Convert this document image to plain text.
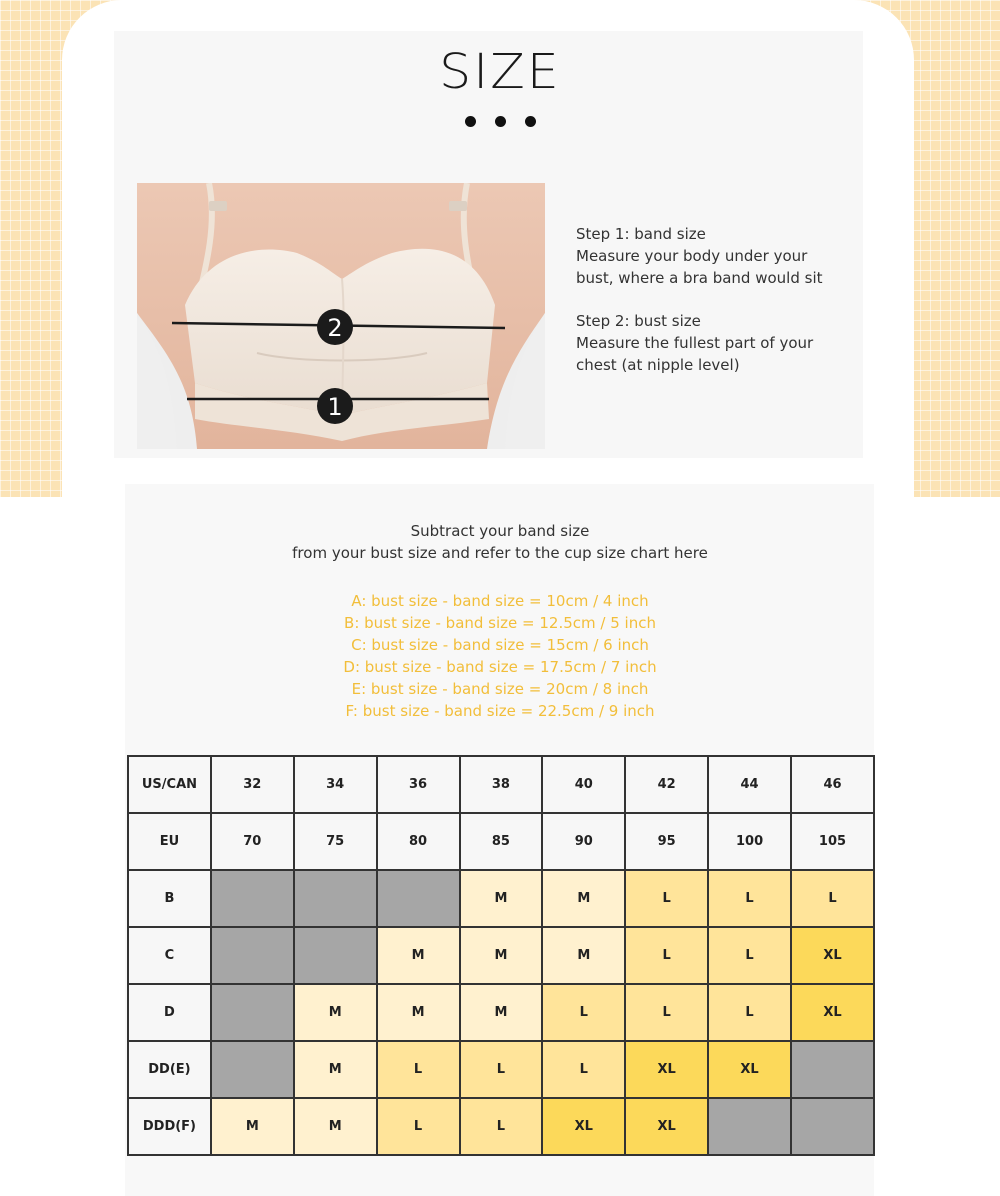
SIZE
2
1

Step 1: band size

Measure your body under your

bust, where a bra band would sit

Step 2: bust size

Measure the fullest part of your

chest (at nipple level)

Subtract your band size

from your bust size and refer to the cup size chart here

A: bust size - band size = 10cm / 4 inch

B: bust size - band size = 12.5cm / 5 inch

C: bust size - band size = 15cm / 6 inch

D: bust size - band size = 17.5cm / 7 inch

E: bust size - band size = 20cm / 8 inch

F: bust size - band size = 22.5cm / 9 inch

US/CAN	32	34	36	38	40	42	44	46
EU	70	75	80	85	90	95	100	105
B				M	M	L	L	L
C			M	M	M	L	L	XL
D		M	M	M	L	L	L	XL
DD(E)		M	L	L	L	XL	XL	
DDD(F)	M	M	L	L	XL	XL		
